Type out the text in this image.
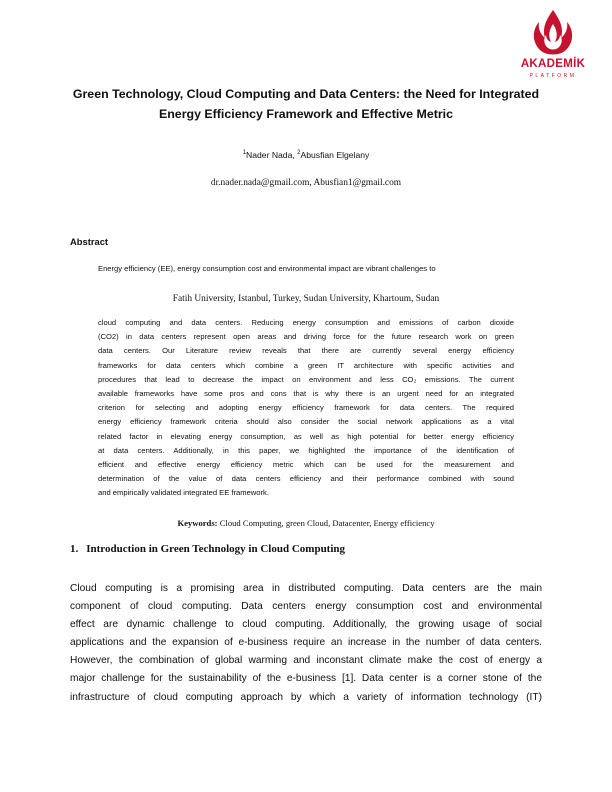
AKADEMİK
PLATFORM
Green Technology, Cloud Computing and Data Centers: the Need for Integrated
Energy Efficiency Framework and Effective Metric
$^1$Nader Nada, $^2$Abusfian Elgelany
dr.nader.nada@gmail.com, Abusfian1@gmail.com
Abstract
Energy efficiency (EE), energy consumption cost and environmental impact are vibrant challenges to
Fatih University, Istanbul, Turkey, Sudan University, Khartoum, Sudan
cloud computing and data centers. Reducing energy consumption and emissions of carbon dioxide
(CO2) in data centers represent open areas and driving force for the future research work on green
data centers. Our Literature review reveals that there are currently several energy efficiency
frameworks for data centers which combine a green IT architecture with specific activities and
procedures that lead to decrease the impact on environment and less CO₂ emissions. The current
available frameworks have some pros and cons that is why there is an urgent need for an integrated
criterion for selecting and adopting energy efficiency framework for data centers. The required
energy efficiency framework criteria should also consider the social network applications as a vital
related factor in elevating energy consumption, as well as high potential for better energy efficiency
at data centers. Additionally, in this paper, we highlighted the importance of the identification of
efficient and effective energy efficiency metric which can be used for the measurement and
determination of the value of data centers efficiency and their performance combined with sound
and empirically validated integrated EE framework.
Keywords: Cloud Computing, green Cloud, Datacenter, Energy efficiency
1. Introduction in Green Technology in Cloud Computing
Cloud computing is a promising area in distributed computing. Data centers are the main
component of cloud computing. Data centers energy consumption cost and environmental
effect are dynamic challenge to cloud computing. Additionally, the growing usage of social
applications and the expansion of e-business require an increase in the number of data centers.
However, the combination of global warming and inconstant climate make the cost of energy a
major challenge for the sustainability of the e-business [1]. Data center is a corner stone of the
infrastructure of cloud computing approach by which a variety of information technology (IT)
